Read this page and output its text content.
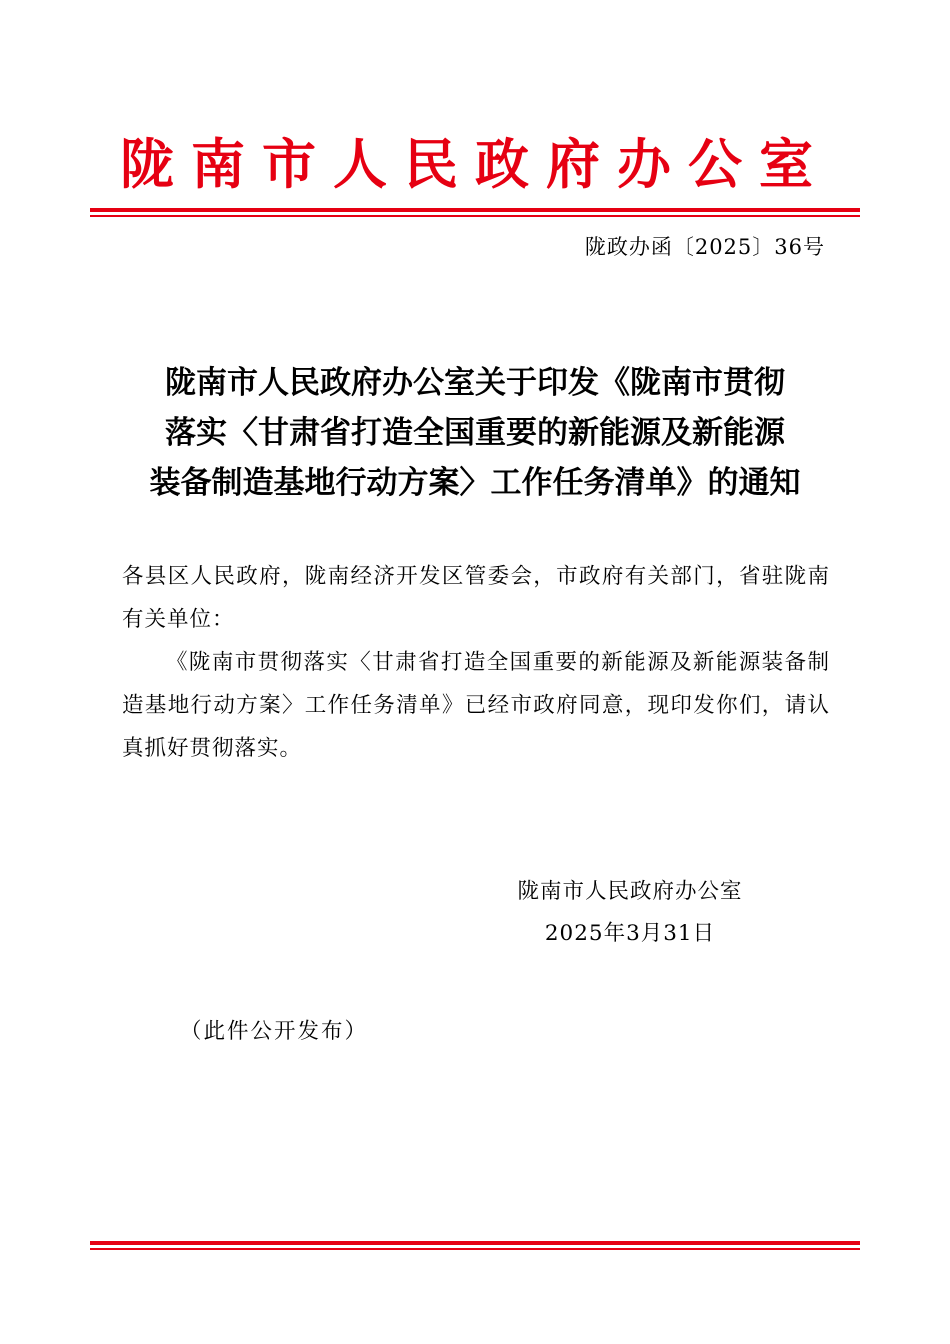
陇南市人民政府办公室
陇政办函〔2025〕36号
陇南市人民政府办公室关于印发《陇南市贯彻
落实〈甘肃省打造全国重要的新能源及新能源
装备制造基地行动方案〉工作任务清单》的通知
各县区人民政府，陇南经济开发区管委会，市政府有关部门，省驻陇南有关单位：
《陇南市贯彻落实〈甘肃省打造全国重要的新能源及新能源装备制造基地行动方案〉工作任务清单》已经市政府同意，现印发你们，请认真抓好贯彻落实。
陇南市人民政府办公室
2025年3月31日
（此件公开发布）
